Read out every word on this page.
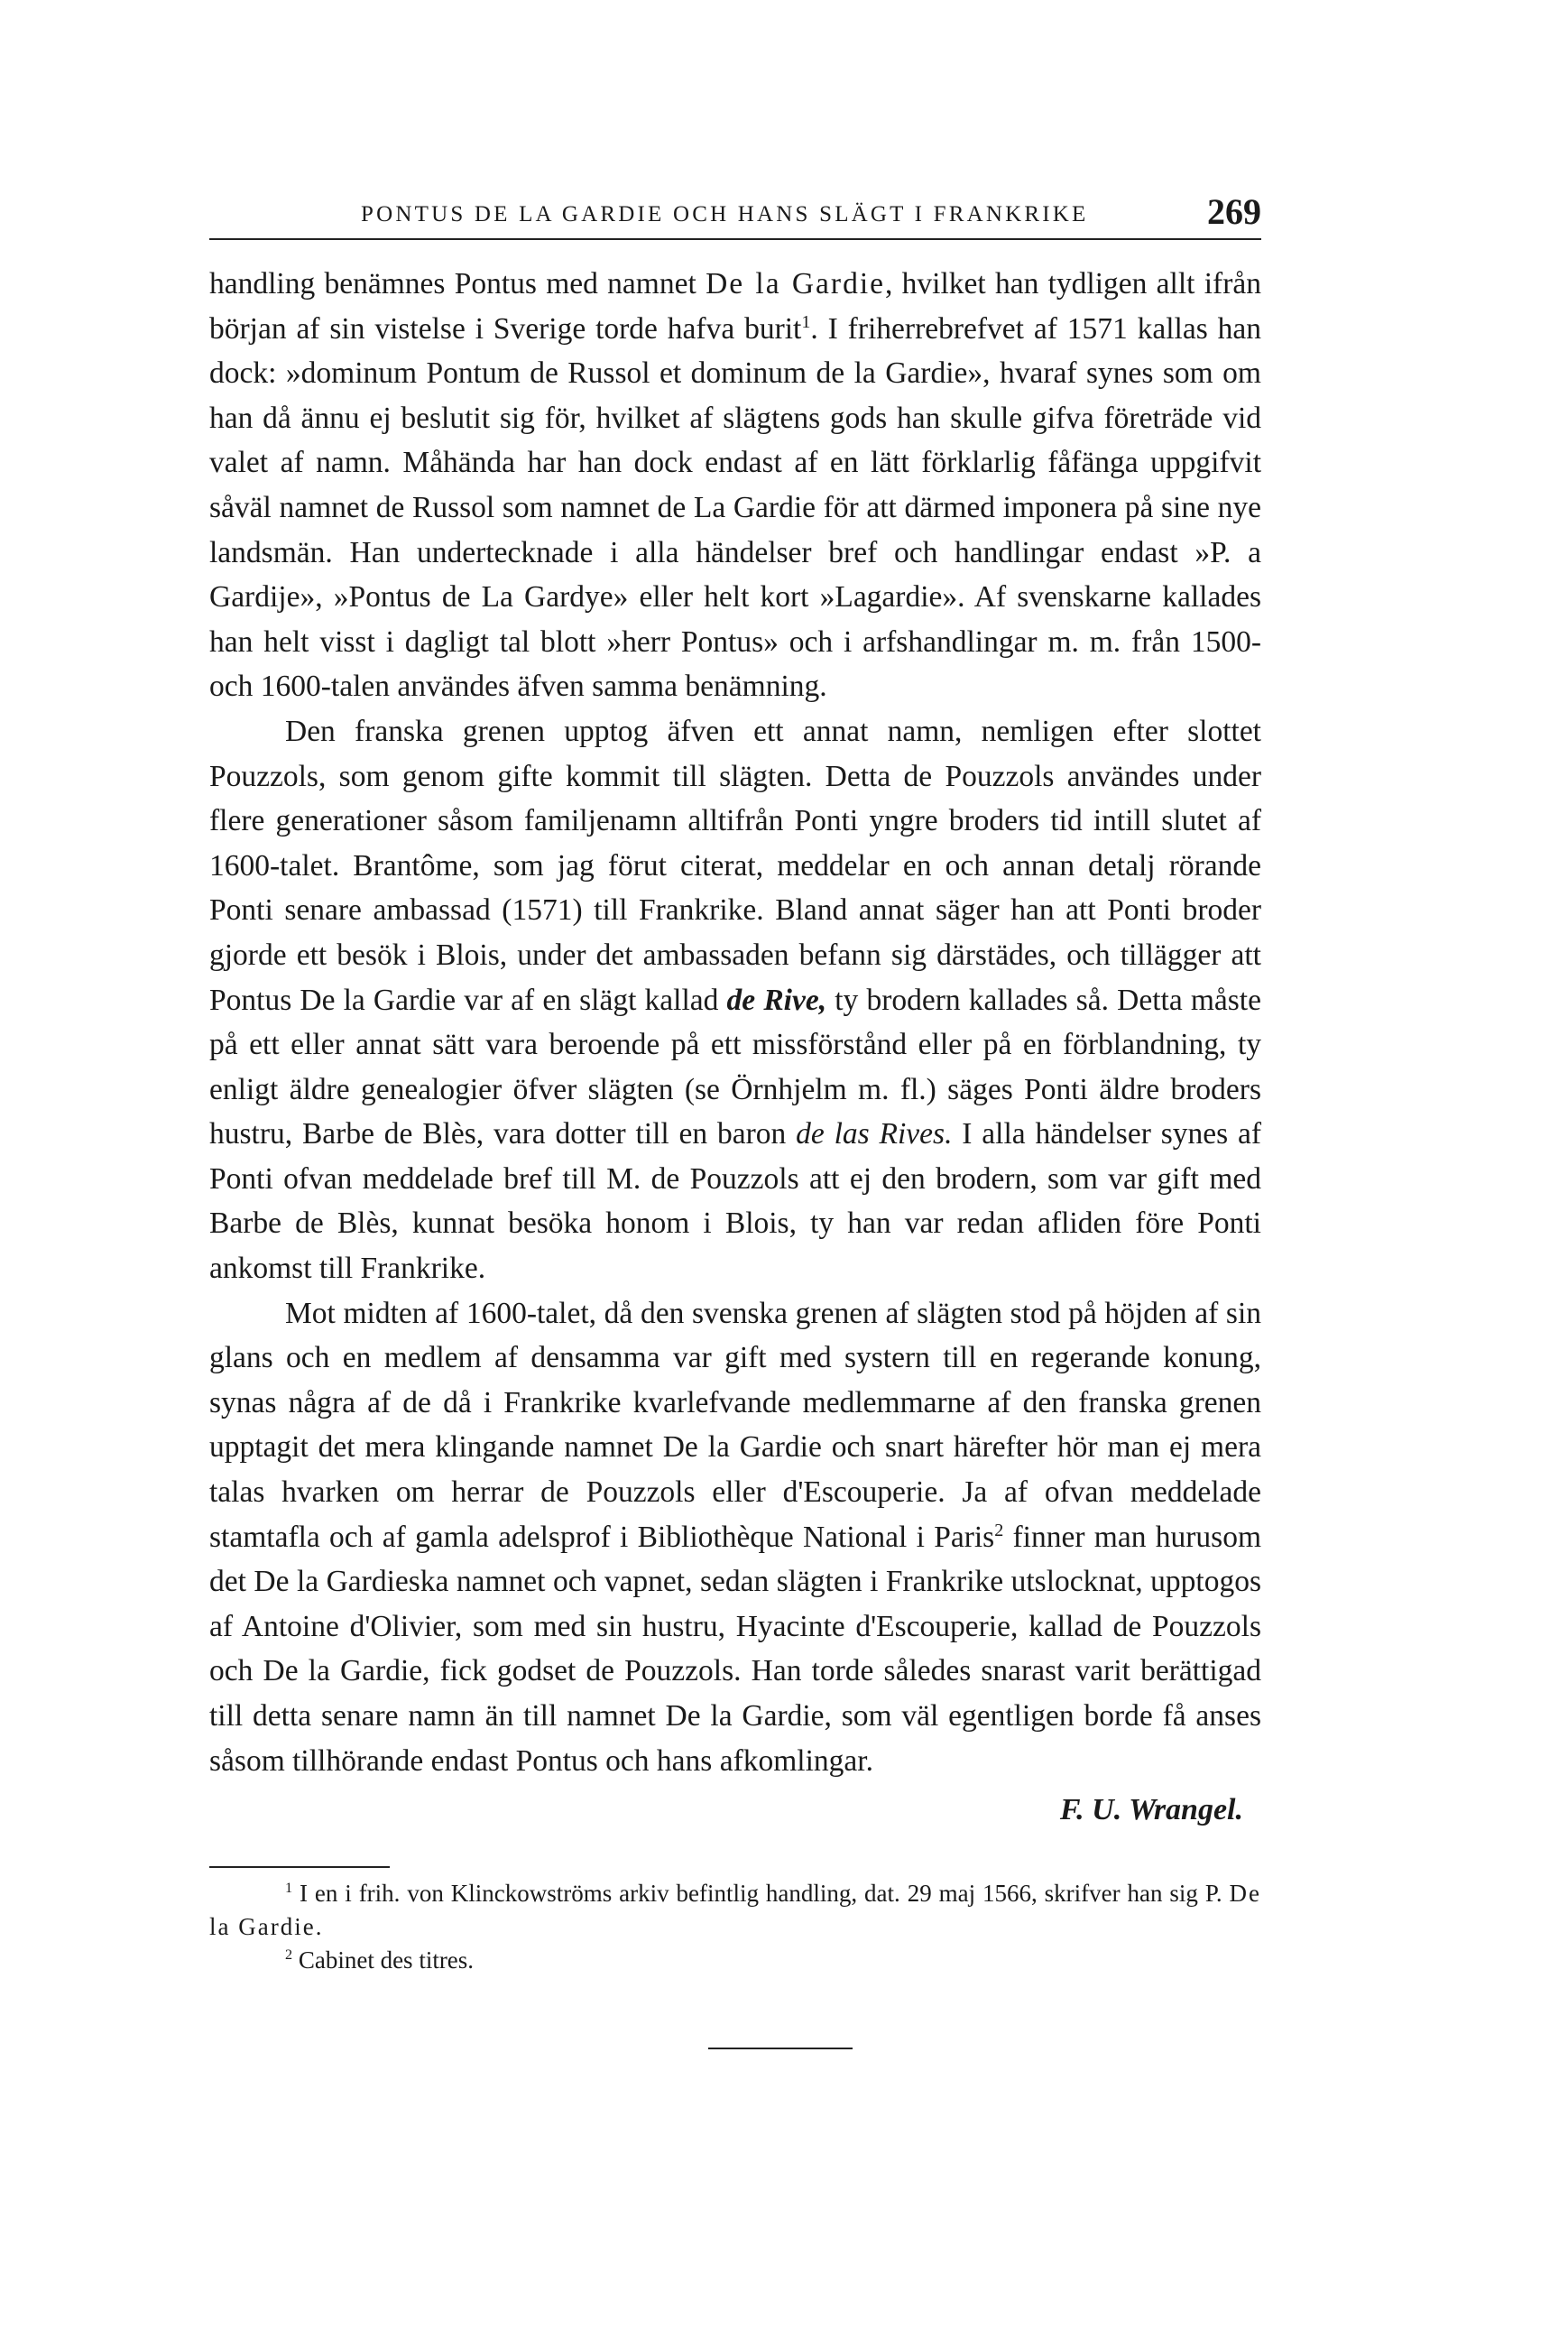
PONTUS DE LA GARDIE OCH HANS SLÄGT I FRANKRIKE	269

handling benämnes Pontus med namnet De la Gardie, hvilket han tydligen allt ifrån början af sin vistelse i Sverige torde hafva burit$^1$. I friherrebrefvet af 1571 kallas han dock: »dominum Pontum de Russol et dominum de la Gardie», hvaraf synes som om han då ännu ej beslutit sig för, hvilket af slägtens gods han skulle gifva företräde vid valet af namn. Måhända har han dock endast af en lätt förklarlig fåfänga uppgifvit såväl namnet de Russol som namnet de La Gardie för att därmed imponera på sine nye landsmän. Han undertecknade i alla händelser bref och handlingar endast »P. a Gardije», »Pontus de La Gardye» eller helt kort »Lagardie». Af svenskarne kallades han helt visst i dagligt tal blott »herr Pontus» och i arfshandlingar m. m. från 1500- och 1600-talen användes äfven samma benämning.

Den franska grenen upptog äfven ett annat namn, nemligen efter slottet Pouzzols, som genom gifte kommit till slägten. Detta de Pouzzols användes under flere generationer såsom familjenamn alltifrån Ponti yngre broders tid intill slutet af 1600-talet. Brantôme, som jag förut citerat, meddelar en och annan detalj rörande Ponti senare ambassad (1571) till Frankrike. Bland annat säger han att Ponti broder gjorde ett besök i Blois, under det ambassaden befann sig därstädes, och tillägger att Pontus De la Gardie var af en slägt kallad de Rive, ty brodern kallades så. Detta måste på ett eller annat sätt vara beroende på ett missförstånd eller på en förblandning, ty enligt äldre genealogier öfver slägten (se Örnhjelm m. fl.) säges Ponti äldre broders hustru, Barbe de Blès, vara dotter till en baron de las Rives. I alla händelser synes af Ponti ofvan meddelade bref till M. de Pouzzols att ej den brodern, som var gift med Barbe de Blès, kunnat besöka honom i Blois, ty han var redan afliden före Ponti ankomst till Frankrike.

Mot midten af 1600-talet, då den svenska grenen af slägten stod på höjden af sin glans och en medlem af densamma var gift med systern till en regerande konung, synas några af de då i Frankrike kvarlefvande medlemmarne af den franska grenen upptagit det mera klingande namnet De la Gardie och snart härefter hör man ej mera talas hvarken om herrar de Pouzzols eller d'Escouperie. Ja af ofvan meddelade stamtafla och af gamla adelsprof i Bibliothèque National i Paris$^2$ finner man hurusom det De la Gardieska namnet och vapnet, sedan slägten i Frankrike utslocknat, upptogos af Antoine d'Olivier, som med sin hustru, Hyacinte d'Escouperie, kallad de Pouzzols och De la Gardie, fick godset de Pouzzols. Han torde således snarast varit berättigad till detta senare namn än till namnet De la Gardie, som väl egentligen borde få anses såsom tillhörande endast Pontus och hans afkomlingar.

F. U. Wrangel.

$^1$ I en i frih. von Klinckowströms arkiv befintlig handling, dat. 29 maj 1566, skrifver han sig P. De la Gardie.

$^2$ Cabinet des titres.
